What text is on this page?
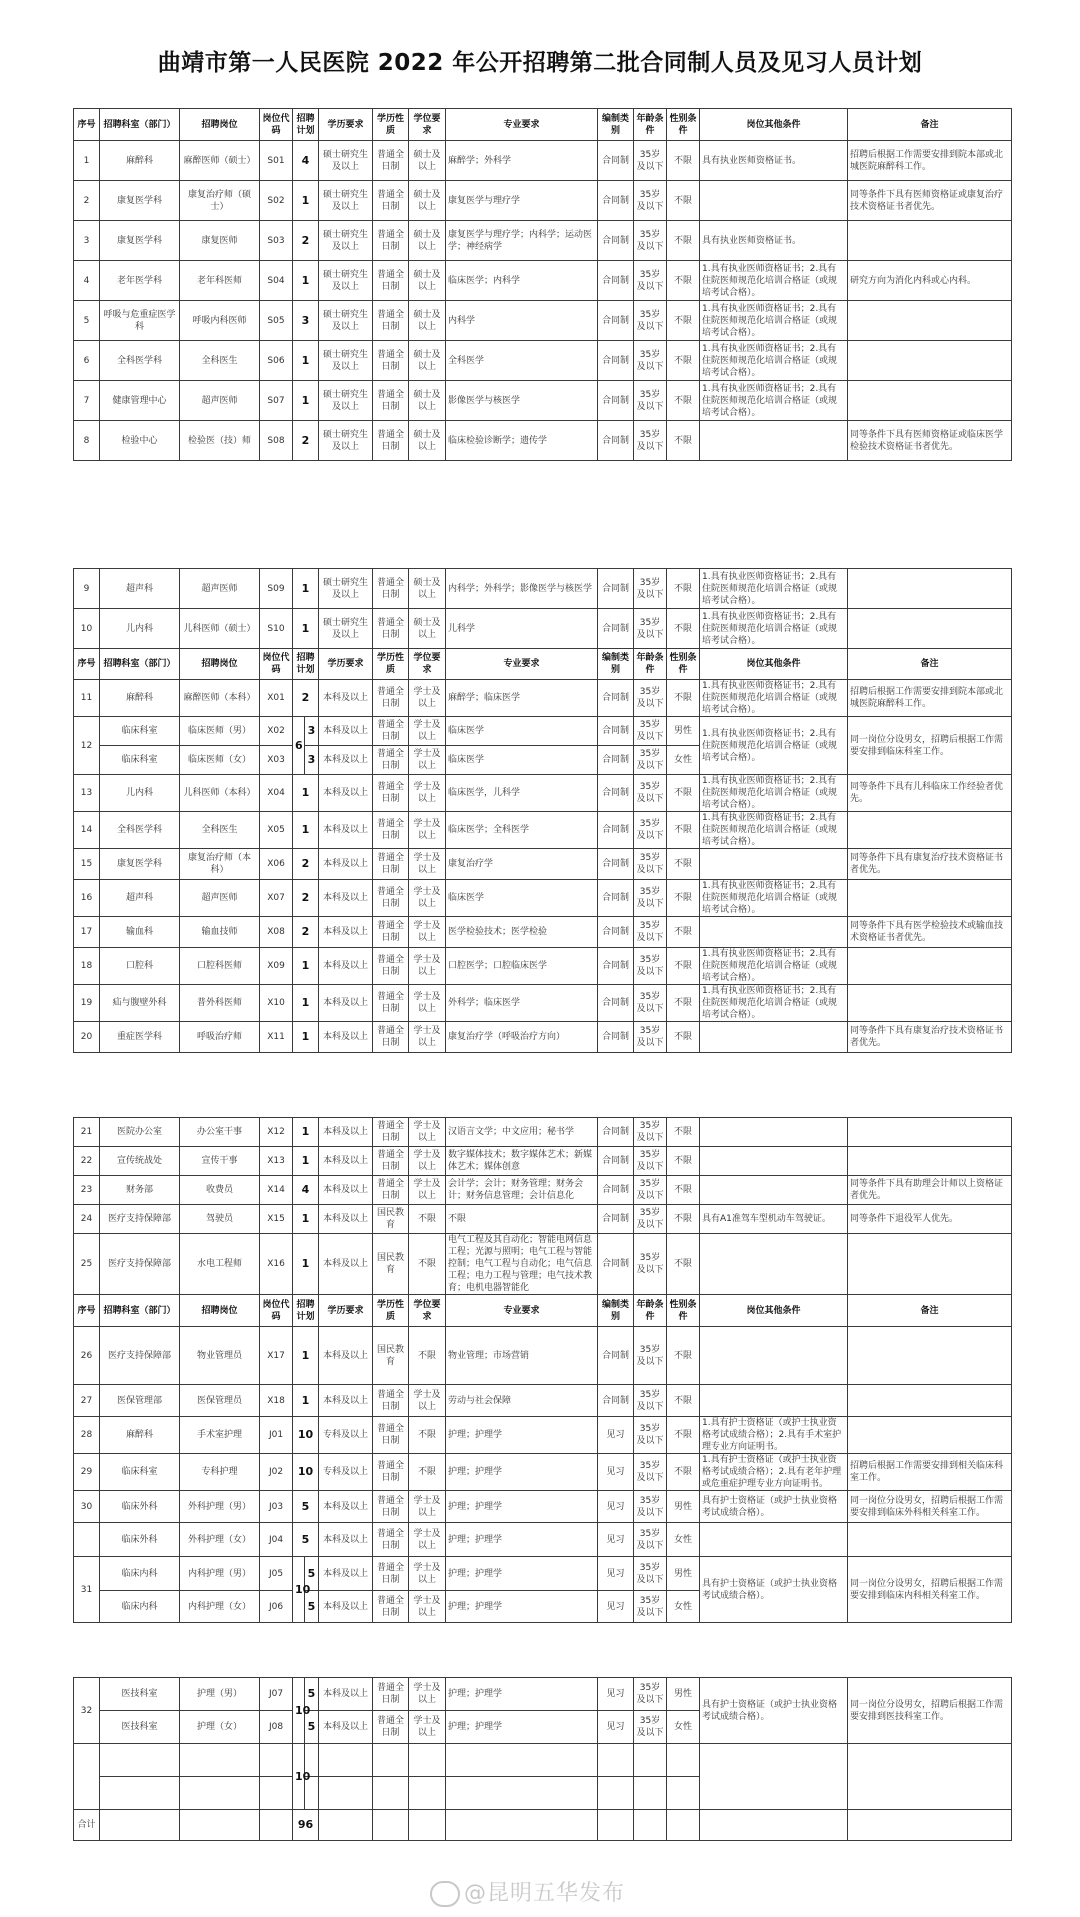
曲靖市第一人民医院 2022 年公开招聘第二批合同制人员及见习人员计划
序号	招聘科室（部门）	招聘岗位	岗位代码	招聘计划	学历要求	学历性质	学位要求	专业要求	编制类别	年龄条件	性别条件	岗位其他条件	备注
1	麻醉科	麻醉医师（硕士）	S01	4	硕士研究生及以上	普通全日制	硕士及以上	麻醉学；外科学	合同制	35岁及以下	不限	具有执业医师资格证书。	招聘后根据工作需要安排到院本部或北城医院麻醉科工作。
2	康复医学科	康复治疗师（硕士）	S02	1	硕士研究生及以上	普通全日制	硕士及以上	康复医学与理疗学	合同制	35岁及以下	不限		同等条件下具有医师资格证或康复治疗技术资格证书者优先。
3	康复医学科	康复医师	S03	2	硕士研究生及以上	普通全日制	硕士及以上	康复医学与理疗学；内科学；运动医学；神经病学	合同制	35岁及以下	不限	具有执业医师资格证书。	
4	老年医学科	老年科医师	S04	1	硕士研究生及以上	普通全日制	硕士及以上	临床医学；内科学	合同制	35岁及以下	不限	1.具有执业医师资格证书；2.具有住院医师规范化培训合格证（或规培考试合格）。	研究方向为消化内科或心内科。
5	呼吸与危重症医学科	呼吸内科医师	S05	3	硕士研究生及以上	普通全日制	硕士及以上	内科学	合同制	35岁及以下	不限	1.具有执业医师资格证书；2.具有住院医师规范化培训合格证（或规培考试合格）。	
6	全科医学科	全科医生	S06	1	硕士研究生及以上	普通全日制	硕士及以上	全科医学	合同制	35岁及以下	不限	1.具有执业医师资格证书；2.具有住院医师规范化培训合格证（或规培考试合格）。	
7	健康管理中心	超声医师	S07	1	硕士研究生及以上	普通全日制	硕士及以上	影像医学与核医学	合同制	35岁及以下	不限	1.具有执业医师资格证书；2.具有住院医师规范化培训合格证（或规培考试合格）。	
8	检验中心	检验医（技）师	S08	2	硕士研究生及以上	普通全日制	硕士及以上	临床检验诊断学；遗传学	合同制	35岁及以下	不限		同等条件下具有医师资格证或临床医学检验技术资格证书者优先。
9	超声科	超声医师	S09	1		硕士研究生及以上	普通全日制	硕士及以上	内科学；外科学；影像医学与核医学	合同制	35岁及以下	不限	1.具有执业医师资格证书；2.具有住院医师规范化培训合格证（或规培考试合格）。	
10	儿内科	儿科医师（硕士）	S10	1		硕士研究生及以上	普通全日制	硕士及以上	儿科学	合同制	35岁及以下	不限	1.具有执业医师资格证书；2.具有住院医师规范化培训合格证（或规培考试合格）。	
序号	招聘科室（部门）	招聘岗位	岗位代码	招聘计划		学历要求	学历性质	学位要求	专业要求	编制类别	年龄条件	性别条件	岗位其他条件	备注
11	麻醉科	麻醉医师（本科）	X01	2		本科及以上	普通全日制	学士及以上	麻醉学；临床医学	合同制	35岁及以下	不限	1.具有执业医师资格证书；2.具有住院医师规范化培训合格证（或规培考试合格）。	招聘后根据工作需要安排到院本部或北城医院麻醉科工作。
12	临床科室	临床医师（男）	X02	6	3	本科及以上	普通全日制	学士及以上	临床医学	合同制	35岁及以下	男性	1.具有执业医师资格证书；2.具有住院医师规范化培训合格证（或规培考试合格）。	同一岗位分设男女，招聘后根据工作需要安排到临床科室工作。
	临床科室	临床医师（女）	X03		3	本科及以上	普通全日制	学士及以上	临床医学	合同制	35岁及以下	女性		
13	儿内科	儿科医师（本科）	X04	1		本科及以上	普通全日制	学士及以上	临床医学，儿科学	合同制	35岁及以下	不限	1.具有执业医师资格证书；2.具有住院医师规范化培训合格证（或规培考试合格）。	同等条件下具有儿科临床工作经验者优先。
14	全科医学科	全科医生	X05	1		本科及以上	普通全日制	学士及以上	临床医学；全科医学	合同制	35岁及以下	不限	1.具有执业医师资格证书；2.具有住院医师规范化培训合格证（或规培考试合格）。	
15	康复医学科	康复治疗师（本科）	X06	2		本科及以上	普通全日制	学士及以上	康复治疗学	合同制	35岁及以下	不限		同等条件下具有康复治疗技术资格证书者优先。
16	超声科	超声医师	X07	2		本科及以上	普通全日制	学士及以上	临床医学	合同制	35岁及以下	不限	1.具有执业医师资格证书；2.具有住院医师规范化培训合格证（或规培考试合格）。	
17	输血科	输血技师	X08	2		本科及以上	普通全日制	学士及以上	医学检验技术；医学检验	合同制	35岁及以下	不限		同等条件下具有医学检验技术或输血技术资格证书者优先。
18	口腔科	口腔科医师	X09	1		本科及以上	普通全日制	学士及以上	口腔医学；口腔临床医学	合同制	35岁及以下	不限	1.具有执业医师资格证书；2.具有住院医师规范化培训合格证（或规培考试合格）。	
19	疝与腹壁外科	普外科医师	X10	1		本科及以上	普通全日制	学士及以上	外科学；临床医学	合同制	35岁及以下	不限	1.具有执业医师资格证书；2.具有住院医师规范化培训合格证（或规培考试合格）。	
20	重症医学科	呼吸治疗师	X11	1		本科及以上	普通全日制	学士及以上	康复治疗学（呼吸治疗方向）	合同制	35岁及以下	不限		同等条件下具有康复治疗技术资格证书者优先。
21	医院办公室	办公室干事	X12	1		本科及以上	普通全日制	学士及以上	汉语言文学；中文应用；秘书学	合同制	35岁及以下	不限		
22	宣传统战处	宣传干事	X13	1		本科及以上	普通全日制	学士及以上	数字媒体技术；数字媒体艺术；新媒体艺术；媒体创意	合同制	35岁及以下	不限		
23	财务部	收费员	X14	4		本科及以上	普通全日制	学士及以上	会计学；会计；财务管理；财务会计；财务信息管理；会计信息化	合同制	35岁及以下	不限		同等条件下具有助理会计师以上资格证者优先。
24	医疗支持保障部	驾驶员	X15	1		本科及以上	国民教育	不限	不限	合同制	35岁及以下	不限	具有A1准驾车型机动车驾驶证。	同等条件下退役军人优先。
25	医疗支持保障部	水电工程师	X16	1		本科及以上	国民教育	不限	电气工程及其自动化；智能电网信息工程；光源与照明；电气工程与智能控制；电气工程与自动化；电气信息工程；电力工程与管理；电气技术教育；电机电器智能化	合同制	35岁及以下	不限		
序号	招聘科室（部门）	招聘岗位	岗位代码	招聘计划		学历要求	学历性质	学位要求	专业要求	编制类别	年龄条件	性别条件	岗位其他条件	备注
26	医疗支持保障部	物业管理员	X17	1		本科及以上	国民教育	不限	物业管理；市场营销	合同制	35岁及以下	不限		
27	医保管理部	医保管理员	X18	1		本科及以上	普通全日制	学士及以上	劳动与社会保障	合同制	35岁及以下	不限		
28	麻醉科	手术室护理	J01	10		专科及以上	普通全日制	不限	护理；护理学	见习	35岁及以下	不限	1.具有护士资格证（或护士执业资格考试成绩合格）；2.具有手术室护理专业方向证明书。	
29	临床科室	专科护理	J02	10		专科及以上	普通全日制	不限	护理；护理学	见习	35岁及以下	不限	1.具有护士资格证（或护士执业资格考试成绩合格）；2.具有老年护理或危重症护理专业方向证明书。	招聘后根据工作需要安排到相关临床科室工作。
30	临床外科	外科护理（男）	J03	5		本科及以上	普通全日制	学士及以上	护理；护理学	见习	35岁及以下	男性	具有护士资格证（或护士执业资格考试成绩合格）。	同一岗位分设男女，招聘后根据工作需要安排到临床外科相关科室工作。
	临床外科	外科护理（女）	J04	5		本科及以上	普通全日制	学士及以上	护理；护理学	见习	35岁及以下	女性		
31	临床内科	内科护理（男）	J05	10	5	本科及以上	普通全日制	学士及以上	护理；护理学	见习	35岁及以下	男性	具有护士资格证（或护士执业资格考试成绩合格）。	同一岗位分设男女，招聘后根据工作需要安排到临床内科相关科室工作。
	临床内科	内科护理（女）	J06		5	本科及以上	普通全日制	学士及以上	护理；护理学	见习	35岁及以下	女性		
32	医技科室	护理（男）	J07	10	5	本科及以上	普通全日制	学士及以上	护理；护理学	见习	35岁及以下	男性	具有护士资格证（或护士执业资格考试成绩合格）。	同一岗位分设男女，招聘后根据工作需要安排到医技科室工作。
	医技科室	护理（女）	J08		5	本科及以上	普通全日制	学士及以上	护理；护理学	见习	35岁及以下	女性		
				10										

合计				96										
@昆明五华发布
